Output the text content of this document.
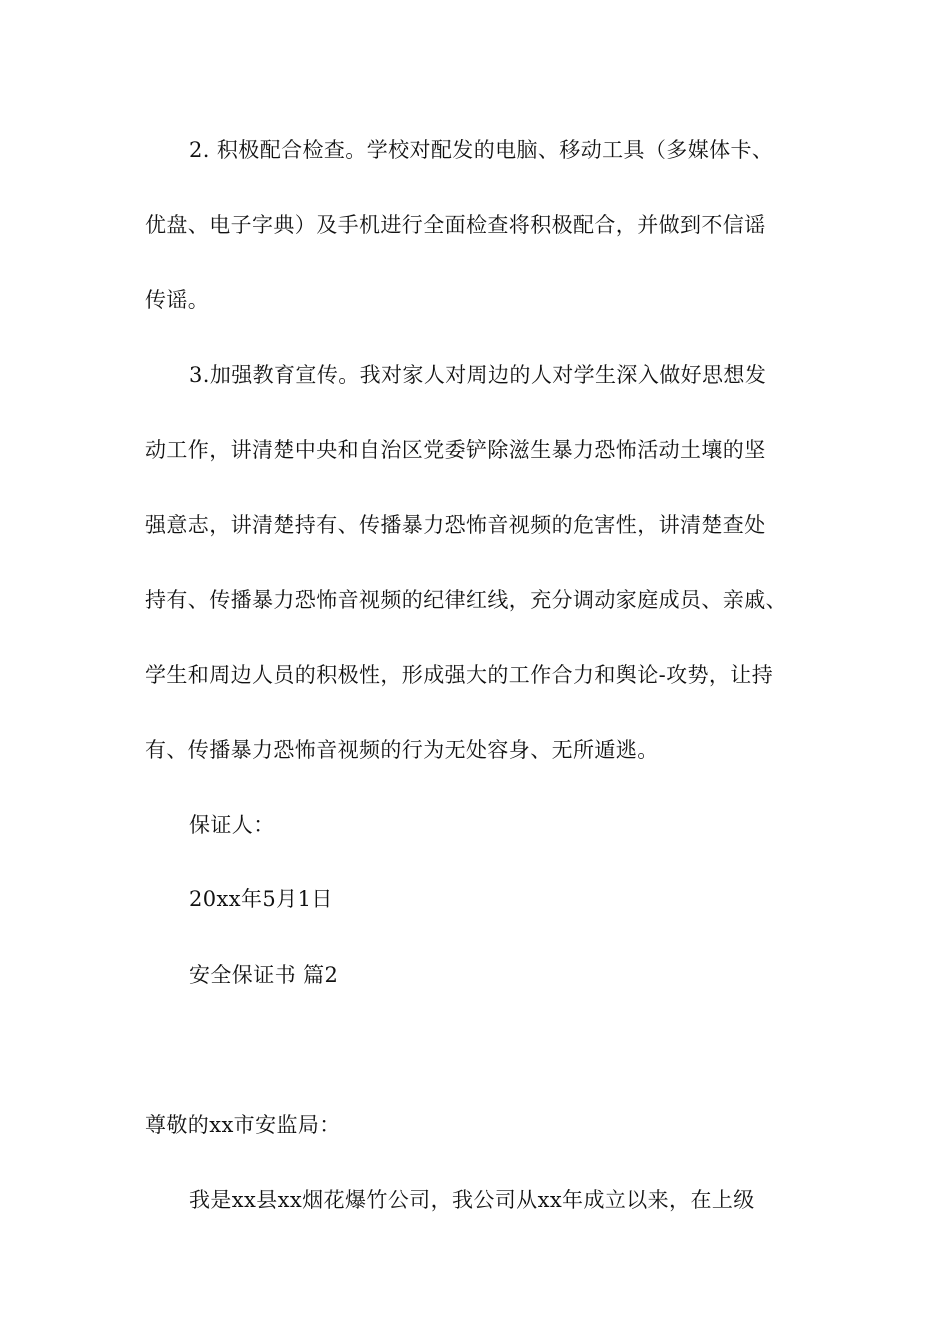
2. 积极配合检查。学校对配发的电脑、移动工具（多媒体卡、
优盘、电子字典）及手机进行全面检查将积极配合，并做到不信谣
传谣。
3.加强教育宣传。我对家人对周边的人对学生深入做好思想发
动工作，讲清楚中央和自治区党委铲除滋生暴力恐怖活动土壤的坚
强意志，讲清楚持有、传播暴力恐怖音视频的危害性，讲清楚查处
持有、传播暴力恐怖音视频的纪律红线，充分调动家庭成员、亲戚、
学生和周边人员的积极性，形成强大的工作合力和舆论-攻势，让持
有、传播暴力恐怖音视频的行为无处容身、无所遁逃。
保证人：
20xx年5月1日
安全保证书 篇2
尊敬的xx市安监局：
我是xx县xx烟花爆竹公司，我公司从xx年成立以来，在上级
